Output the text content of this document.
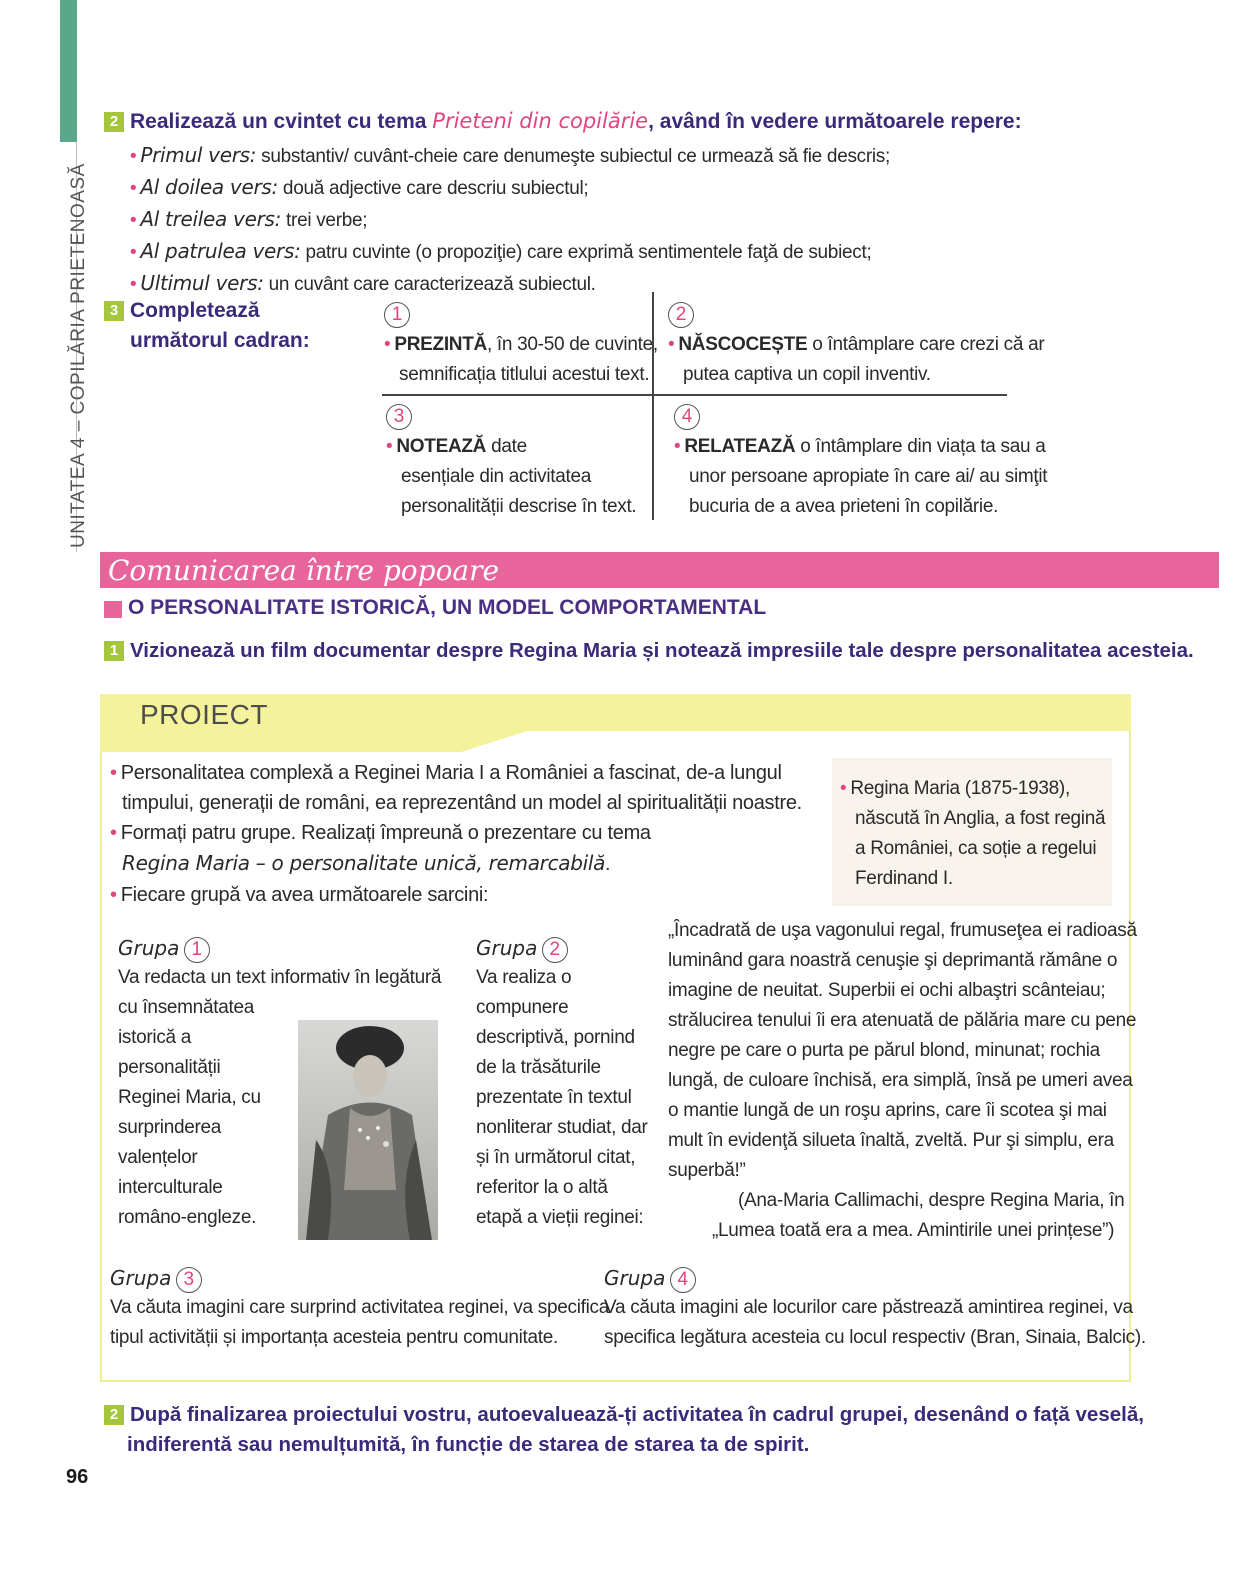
UNITATEA 4 – COPILĂRIA PRIETENOASĂ
2 Realizează un cvintet cu tema Prieteni din copilărie, având în vedere următoarele repere:
• Primul vers: substantiv/ cuvânt-cheie care denumeşte subiectul ce urmează să fie descris;
• Al doilea vers: două adjective care descriu subiectul;
• Al treilea vers: trei verbe;
• Al patrulea vers: patru cuvinte (o propoziţie) care exprimă sentimentele faţă de subiect;
• Ultimul vers: un cuvânt care caracterizează subiectul.
3 Completează
următorul cadran:
1
• PREZINTĂ, în 30-50 de cuvinte,
semnificația titlului acestui text.
2
• NĂSCOCEȘTE o întâmplare care crezi că ar
putea captiva un copil inventiv.
3
• NOTEAZĂ date
esențiale din activitatea
personalității descrise în text.
4
• RELATEAZĂ o întâmplare din viața ta sau a
unor persoane apropiate în care ai/ au simţit
bucuria de a avea prieteni în copilărie.
Comunicarea între popoare
O PERSONALITATE ISTORICĂ, UN MODEL COMPORTAMENTAL
1 Vizionează un film documentar despre Regina Maria și notează impresiile tale despre personalitatea acesteia.
PROIECT
• Personalitatea complexă a Reginei Maria I a României a fascinat, de-a lungul
timpului, generații de români, ea reprezentând un model al spiritualității noastre.
• Formați patru grupe. Realizați împreună o prezentare cu tema
Regina Maria – o personalitate unică, remarcabilă.
• Fiecare grupă va avea următoarele sarcini:
• Regina Maria (1875-1938),
născută în Anglia, a fost regină
a României, ca soție a regelui
Ferdinand I.
Grupa 1
Va redacta un text informativ în legătură
cu însemnătatea
istorică a
personalității
Reginei Maria, cu
surprinderea
valențelor
interculturale
româno-engleze.
Grupa 2
Va realiza o
compunere
descriptivă, pornind
de la trăsăturile
prezentate în textul
nonliterar studiat, dar
și în următorul citat,
referitor la o altă
etapă a vieții reginei:
„Încadrată de uşa vagonului regal, frumuseţea ei radioasă
luminând gara noastră cenuşie şi deprimantă rămâne o
imagine de neuitat. Superbii ei ochi albaştri scânteiau;
strălucirea tenului îi era atenuată de pălăria mare cu pene
negre pe care o purta pe părul blond, minunat; rochia
lungă, de culoare închisă, era simplă, însă pe umeri avea
o mantie lungă de un roşu aprins, care îi scotea şi mai
mult în evidenţă silueta înaltă, zveltă. Pur şi simplu, era
superbă!”
(Ana-Maria Callimachi, despre Regina Maria, în
„Lumea toată era a mea. Amintirile unei prințese”)
Grupa 3
Va căuta imagini care surprind activitatea reginei, va specifica
tipul activității și importanța acesteia pentru comunitate.
Grupa 4
Va căuta imagini ale locurilor care păstrează amintirea reginei, va
specifica legătura acesteia cu locul respectiv (Bran, Sinaia, Balcic).
2 După finalizarea proiectului vostru, autoevaluează-ți activitatea în cadrul grupei, desenând o față veselă,
indiferentă sau nemulțumită, în funcție de starea de starea ta de spirit.
96
